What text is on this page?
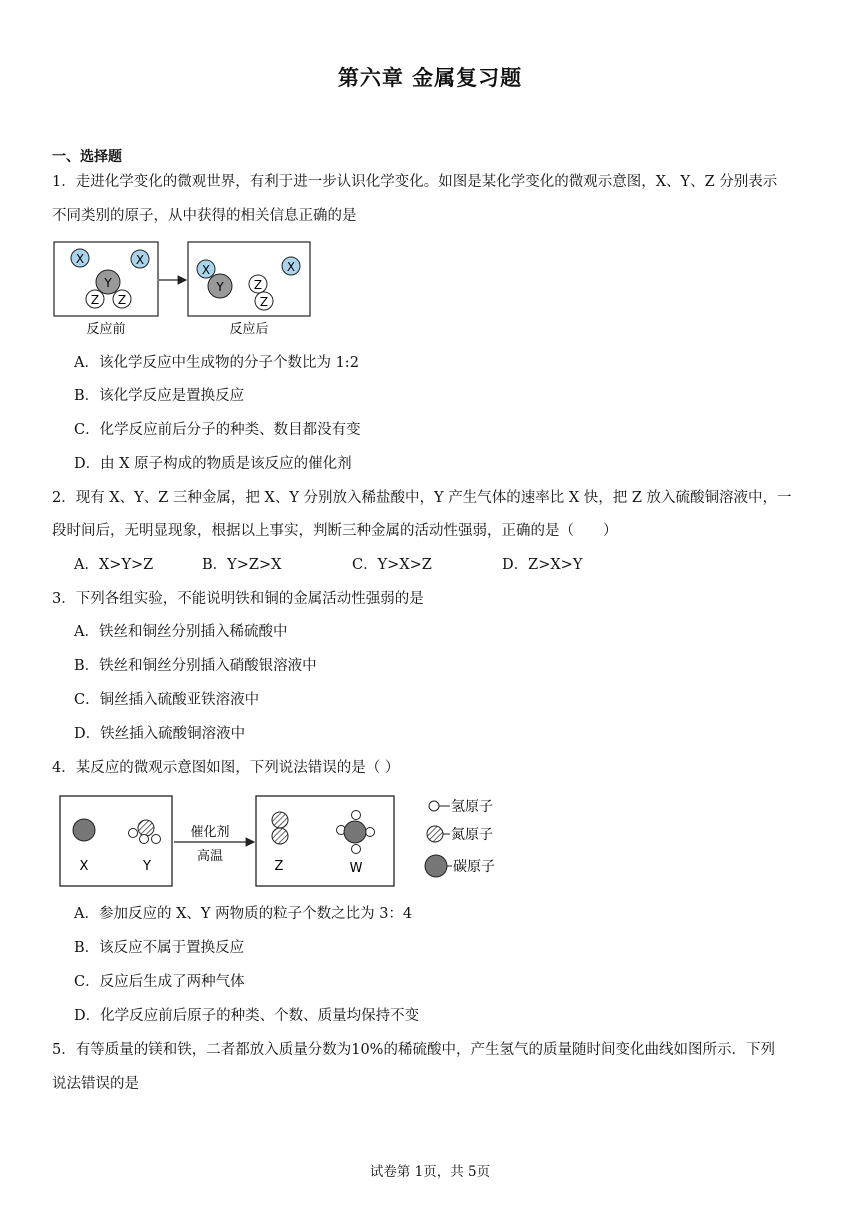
第六章 金属复习题
一、选择题
1．走进化学变化的微观世界，有利于进一步认识化学变化。如图是某化学变化的微观示意图，X、Y、Z 分别表示
不同类别的原子，从中获得的相关信息正确的是
X	X
Y
Z Z
X
Y	Z
Z
X
反应前	反应后
A．该化学反应中生成物的分子个数比为 1:2
B．该化学反应是置换反应
C．化学反应前后分子的种类、数目都没有变
D．由 X 原子构成的物质是该反应的催化剂
2．现有 X、Y、Z 三种金属，把 X、Y 分别放入稀盐酸中，Y 产生气体的速率比 X 快，把 Z 放入硫酸铜溶液中，一
段时间后，无明显现象，根据以上事实，判断三种金属的活动性强弱，正确的是（　　）
A．X>Y>Z	B．Y>Z>X	C．Y>X>Z	D．Z>X>Y
3．下列各组实验，不能说明铁和铜的金属活动性强弱的是
A．铁丝和铜丝分别插入稀硫酸中
B．铁丝和铜丝分别插入硝酸银溶液中
C．铜丝插入硫酸亚铁溶液中
D．铁丝插入硫酸铜溶液中
4．某反应的微观示意图如图，下列说法错误的是（ ）
催化剂
高温
X	Y	Z	W
氢原子
氮原子
碳原子
A．参加反应的 X、Y 两物质的粒子个数之比为 3：4
B．该反应不属于置换反应
C．反应后生成了两种气体
D．化学反应前后原子的种类、个数、质量均保持不变
5．有等质量的镁和铁，二者都放入质量分数为10%的稀硫酸中，产生氢气的质量随时间变化曲线如图所示．下列
说法错误的是
试卷第 1页，共 5页
